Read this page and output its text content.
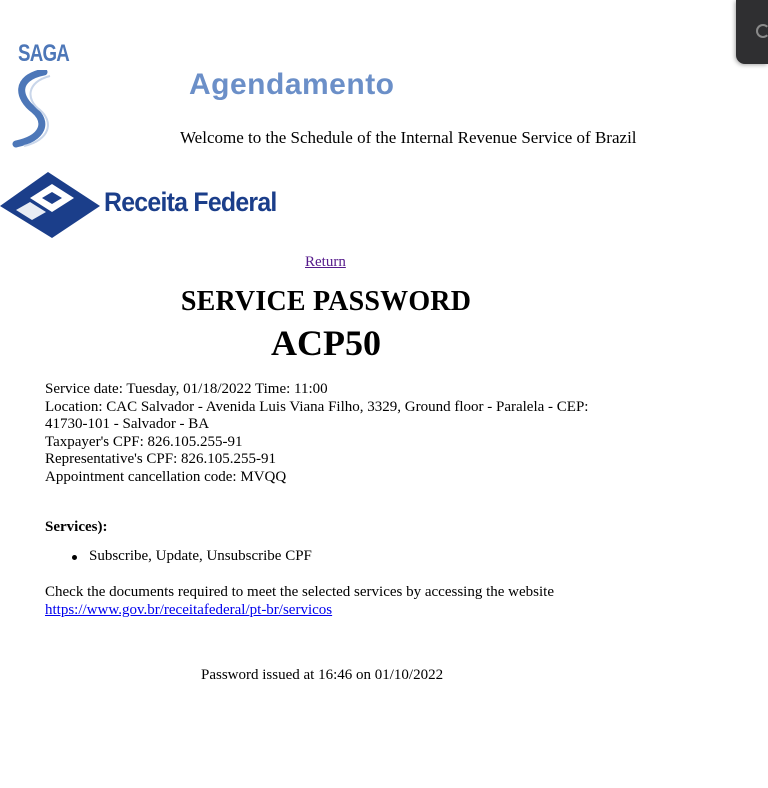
SAGA
Agendamento
Welcome to the Schedule of the Internal Revenue Service of Brazil
Receita Federal
Return
SERVICE PASSWORD
ACP50
Service date: Tuesday, 01/18/2022 Time: 11:00
Location: CAC Salvador - Avenida Luis Viana Filho, 3329, Ground floor - Paralela - CEP:
41730-101 - Salvador - BA
Taxpayer's CPF: 826.105.255-91
Representative's CPF: 826.105.255-91
Appointment cancellation code: MVQQ
Services):
Subscribe, Update, Unsubscribe CPF
Check the documents required to meet the selected services by accessing the website
https://www.gov.br/receitafederal/pt-br/servicos
Password issued at 16:46 on 01/10/2022
